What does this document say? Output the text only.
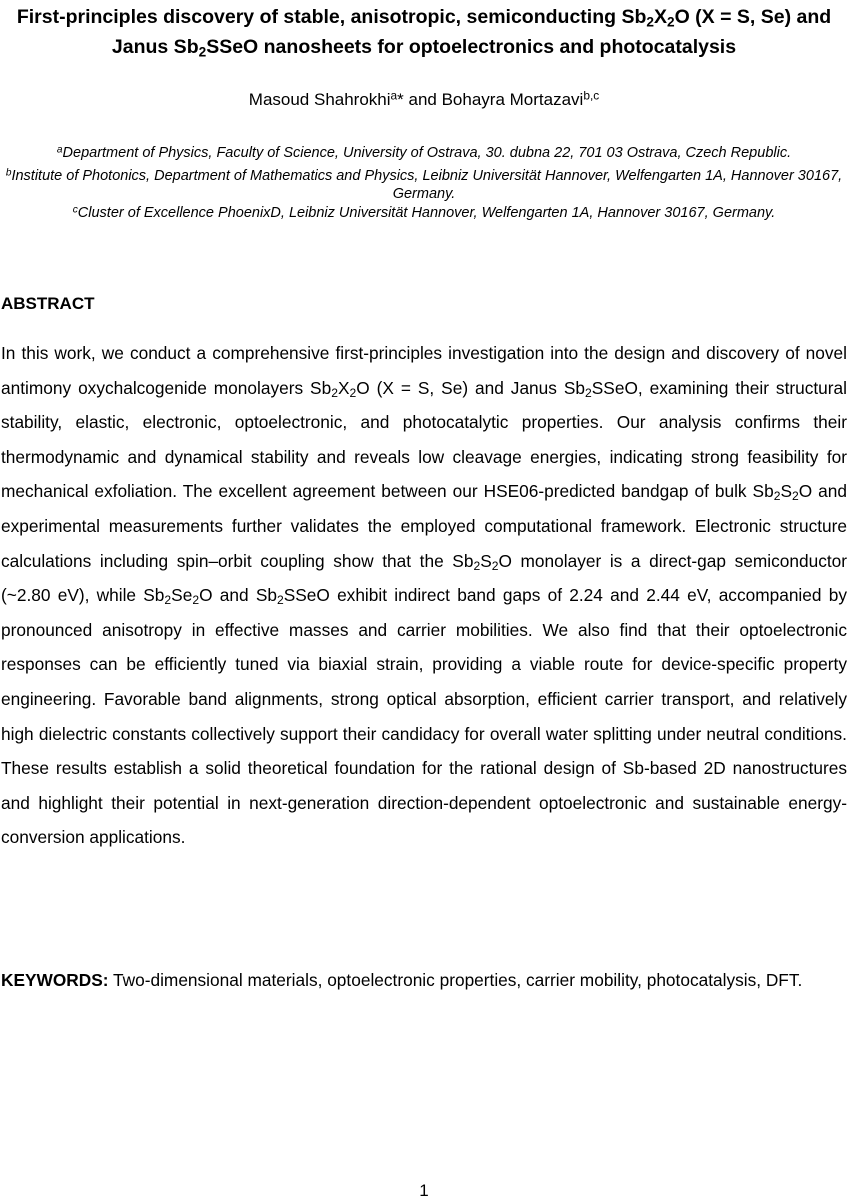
First-principles discovery of stable, anisotropic, semiconducting $Sb_2X_2O$ (X = S, Se) and Janus $Sb_2SSeO$ nanosheets for optoelectronics and photocatalysis
Masoud Shahrokhi$^a$* and Bohayra Mortazavi$^{b,c}$
$^a$Department of Physics, Faculty of Science, University of Ostrava, 30. dubna 22, 701 03 Ostrava, Czech Republic.
$^b$Institute of Photonics, Department of Mathematics and Physics, Leibniz Universität Hannover, Welfengarten 1A, Hannover 30167, Germany.
$^c$Cluster of Excellence PhoenixD, Leibniz Universität Hannover, Welfengarten 1A, Hannover 30167, Germany.
ABSTRACT

In this work, we conduct a comprehensive first-principles investigation into the design and discovery of novel antimony oxychalcogenide monolayers $Sb_2X_2O$ (X = S, Se) and Janus $Sb_2SSeO$, examining their structural stability, elastic, electronic, optoelectronic, and photocatalytic properties. Our analysis confirms their thermodynamic and dynamical stability and reveals low cleavage energies, indicating strong feasibility for mechanical exfoliation. The excellent agreement between our HSE06-predicted bandgap of bulk $Sb_2S_2O$ and experimental measurements further validates the employed computational framework. Electronic structure calculations including spin–orbit coupling show that the $Sb_2S_2O$ monolayer is a direct-gap semiconductor (~2.80 eV), while $Sb_2Se_2O$ and $Sb_2SSeO$ exhibit indirect band gaps of 2.24 and 2.44 eV, accompanied by pronounced anisotropy in effective masses and carrier mobilities. We also find that their optoelectronic responses can be efficiently tuned via biaxial strain, providing a viable route for device-specific property engineering. Favorable band alignments, strong optical absorption, efficient carrier transport, and relatively high dielectric constants collectively support their candidacy for overall water splitting under neutral conditions. These results establish a solid theoretical foundation for the rational design of Sb-based 2D nanostructures and highlight their potential in next-generation direction-dependent optoelectronic and sustainable energy-conversion applications.

KEYWORDS: Two-dimensional materials, optoelectronic properties, carrier mobility, photocatalysis, DFT.

1
